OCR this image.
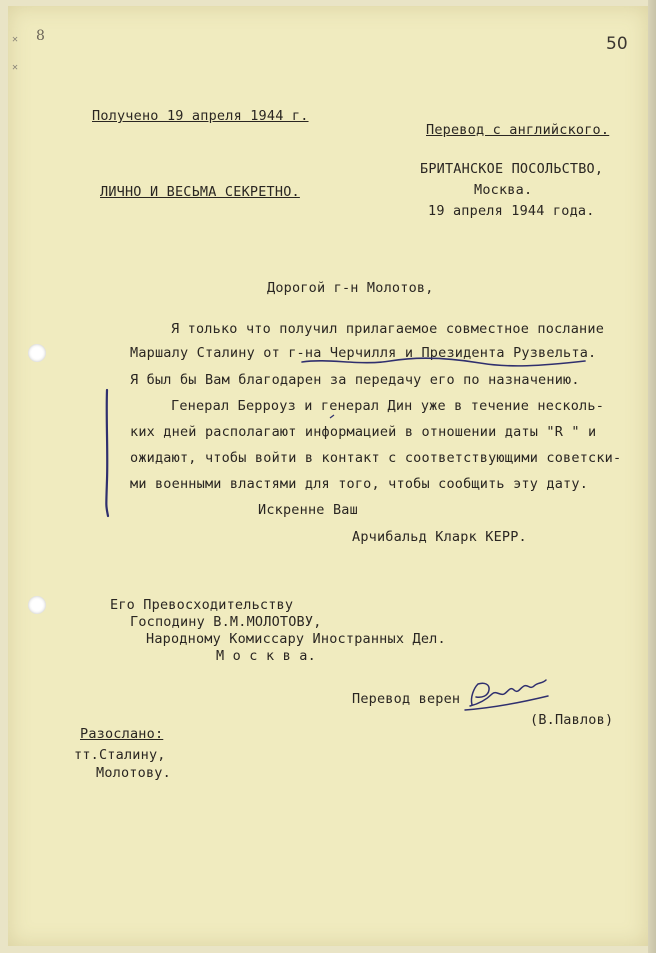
✕
✕
8	50
Получено 19 апреля 1944 г.
Перевод с английского.
ЛИЧНО И ВЕСЬМА СЕКРЕТНО.
БРИТАНСКОЕ ПОСОЛЬСТВО,
Москва.
19 апреля 1944 года.
Дорогой г-н Молотов,
Я только что получил прилагаемое совместное послание
Маршалу Сталину от г-на Черчилля и Президента Рузвельта.
Я был бы Вам благодарен за передачу его по назначению.
Генерал Берроуз и генерал Дин уже в течение несколь-
ких дней располагают информацией в отношении даты "R " и
ожидают, чтобы войти в контакт с соответствующими советски-
ми военными властями для того, чтобы сообщить эту дату.
Искренне Ваш
Арчибальд Кларк КЕРР.
Его Превосходительству
Господину В.М.МОЛОТОВУ,
Народному Комиссару Иностранных Дел.
М о с к в а.
Перевод верен
(В.Павлов)
Разослано:
тт.Сталину,
Молотову.
